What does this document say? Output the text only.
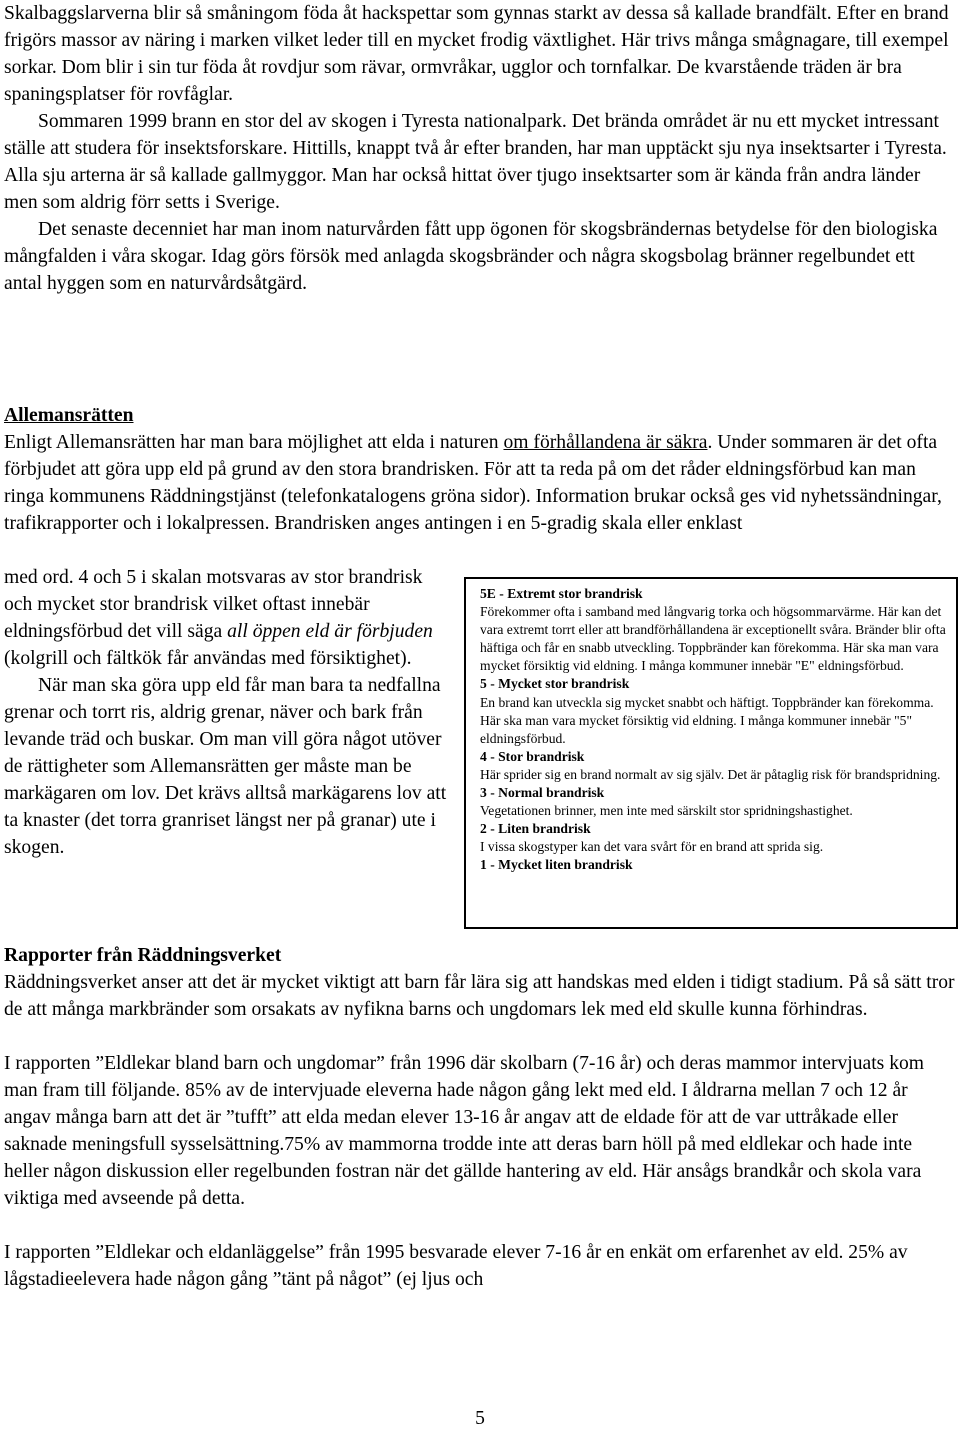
Skalbaggslarverna blir så småningom föda åt hackspettar som gynnas starkt av dessa så kallade brandfält. Efter en brand frigörs massor av näring i marken vilket leder till en mycket frodig växtlighet. Här trivs många smågnagare, till exempel sorkar. Dom blir i sin tur föda åt rovdjur som rävar, ormvråkar, ugglor och tornfalkar. De kvarstående träden är bra spaningsplatser för rovfåglar.

Sommaren 1999 brann en stor del av skogen i Tyresta nationalpark. Det brända området är nu ett mycket intressant ställe att studera för insektsforskare. Hittills, knappt två år efter branden, har man upptäckt sju nya insektsarter i Tyresta. Alla sju arterna är så kallade gallmyggor. Man har också hittat över tjugo insektsarter som är kända från andra länder men som aldrig förr setts i Sverige.

Det senaste decenniet har man inom naturvården fått upp ögonen för skogsbrändernas betydelse för den biologiska mångfalden i våra skogar. Idag görs försök med anlagda skogsbränder och några skogsbolag bränner regelbundet ett antal hyggen som en naturvårdsåtgärd.

Allemansrätten

Enligt Allemansrätten har man bara möjlighet att elda i naturen om förhållandena är säkra. Under sommaren är det ofta förbjudet att göra upp eld på grund av den stora brandrisken. För att ta reda på om det råder eldningsförbud kan man ringa kommunens Räddningstjänst (telefonkatalogens gröna sidor). Information brukar också ges vid nyhetssändningar, trafikrapporter och i lokalpressen. Brandrisken anges antingen i en 5-gradig skala eller enklast

med ord. 4 och 5 i skalan motsvaras av stor brandrisk och mycket stor brandrisk vilket oftast innebär eldningsförbud det vill säga all öppen eld är förbjuden (kolgrill och fältkök får användas med försiktighet).

När man ska göra upp eld får man bara ta nedfallna grenar och torrt ris, aldrig grenar, näver och bark från levande träd och buskar. Om man vill göra något utöver de rättigheter som Allemansrätten ger måste man be markägaren om lov. Det krävs alltså markägarens lov att ta knaster (det torra granriset längst ner på granar) ute i skogen.

5E - Extremt stor brandrisk

Förekommer ofta i samband med långvarig torka och högsommarvärme. Här kan det vara extremt torrt eller att brandförhållandena är exceptionellt svåra. Bränder blir ofta häftiga och får en snabb utveckling. Toppbränder kan förekomma. Här ska man vara mycket försiktig vid eldning. I många kommuner innebär "E" eldningsförbud.

5 - Mycket stor brandrisk

En brand kan utveckla sig mycket snabbt och häftigt. Toppbränder kan förekomma. Här ska man vara mycket försiktig vid eldning. I många kommuner innebär "5" eldningsförbud.

4 - Stor brandrisk

Här sprider sig en brand normalt av sig själv. Det är påtaglig risk för brandspridning.

3 - Normal brandrisk

Vegetationen brinner, men inte med särskilt stor spridningshastighet.

2 - Liten brandrisk

I vissa skogstyper kan det vara svårt för en brand att sprida sig.

1 - Mycket liten brandrisk

Rapporter från Räddningsverket

Räddningsverket anser att det är mycket viktigt att barn får lära sig att handskas med elden i tidigt stadium. På så sätt tror de att många markbränder som orsakats av nyfikna barns och ungdomars lek med eld skulle kunna förhindras.

I rapporten ”Eldlekar bland barn och ungdomar” från 1996 där skolbarn (7-16 år) och deras mammor intervjuats kom man fram till följande. 85% av de intervjuade eleverna hade någon gång lekt med eld. I åldrarna mellan 7 och 12 år angav många barn att det är ”tufft” att elda medan elever 13-16 år angav att de eldade för att de var uttråkade eller saknade meningsfull sysselsättning.75% av mammorna trodde inte att deras barn höll på med eldlekar och hade inte heller någon diskussion eller regelbunden fostran när det gällde hantering av eld. Här ansågs brandkår och skola vara viktiga med avseende på detta.

I rapporten ”Eldlekar och eldanläggelse” från 1995 besvarade elever 7-16 år en enkät om erfarenhet av eld. 25% av lågstadieelevera hade någon gång ”tänt på något” (ej ljus och

5
